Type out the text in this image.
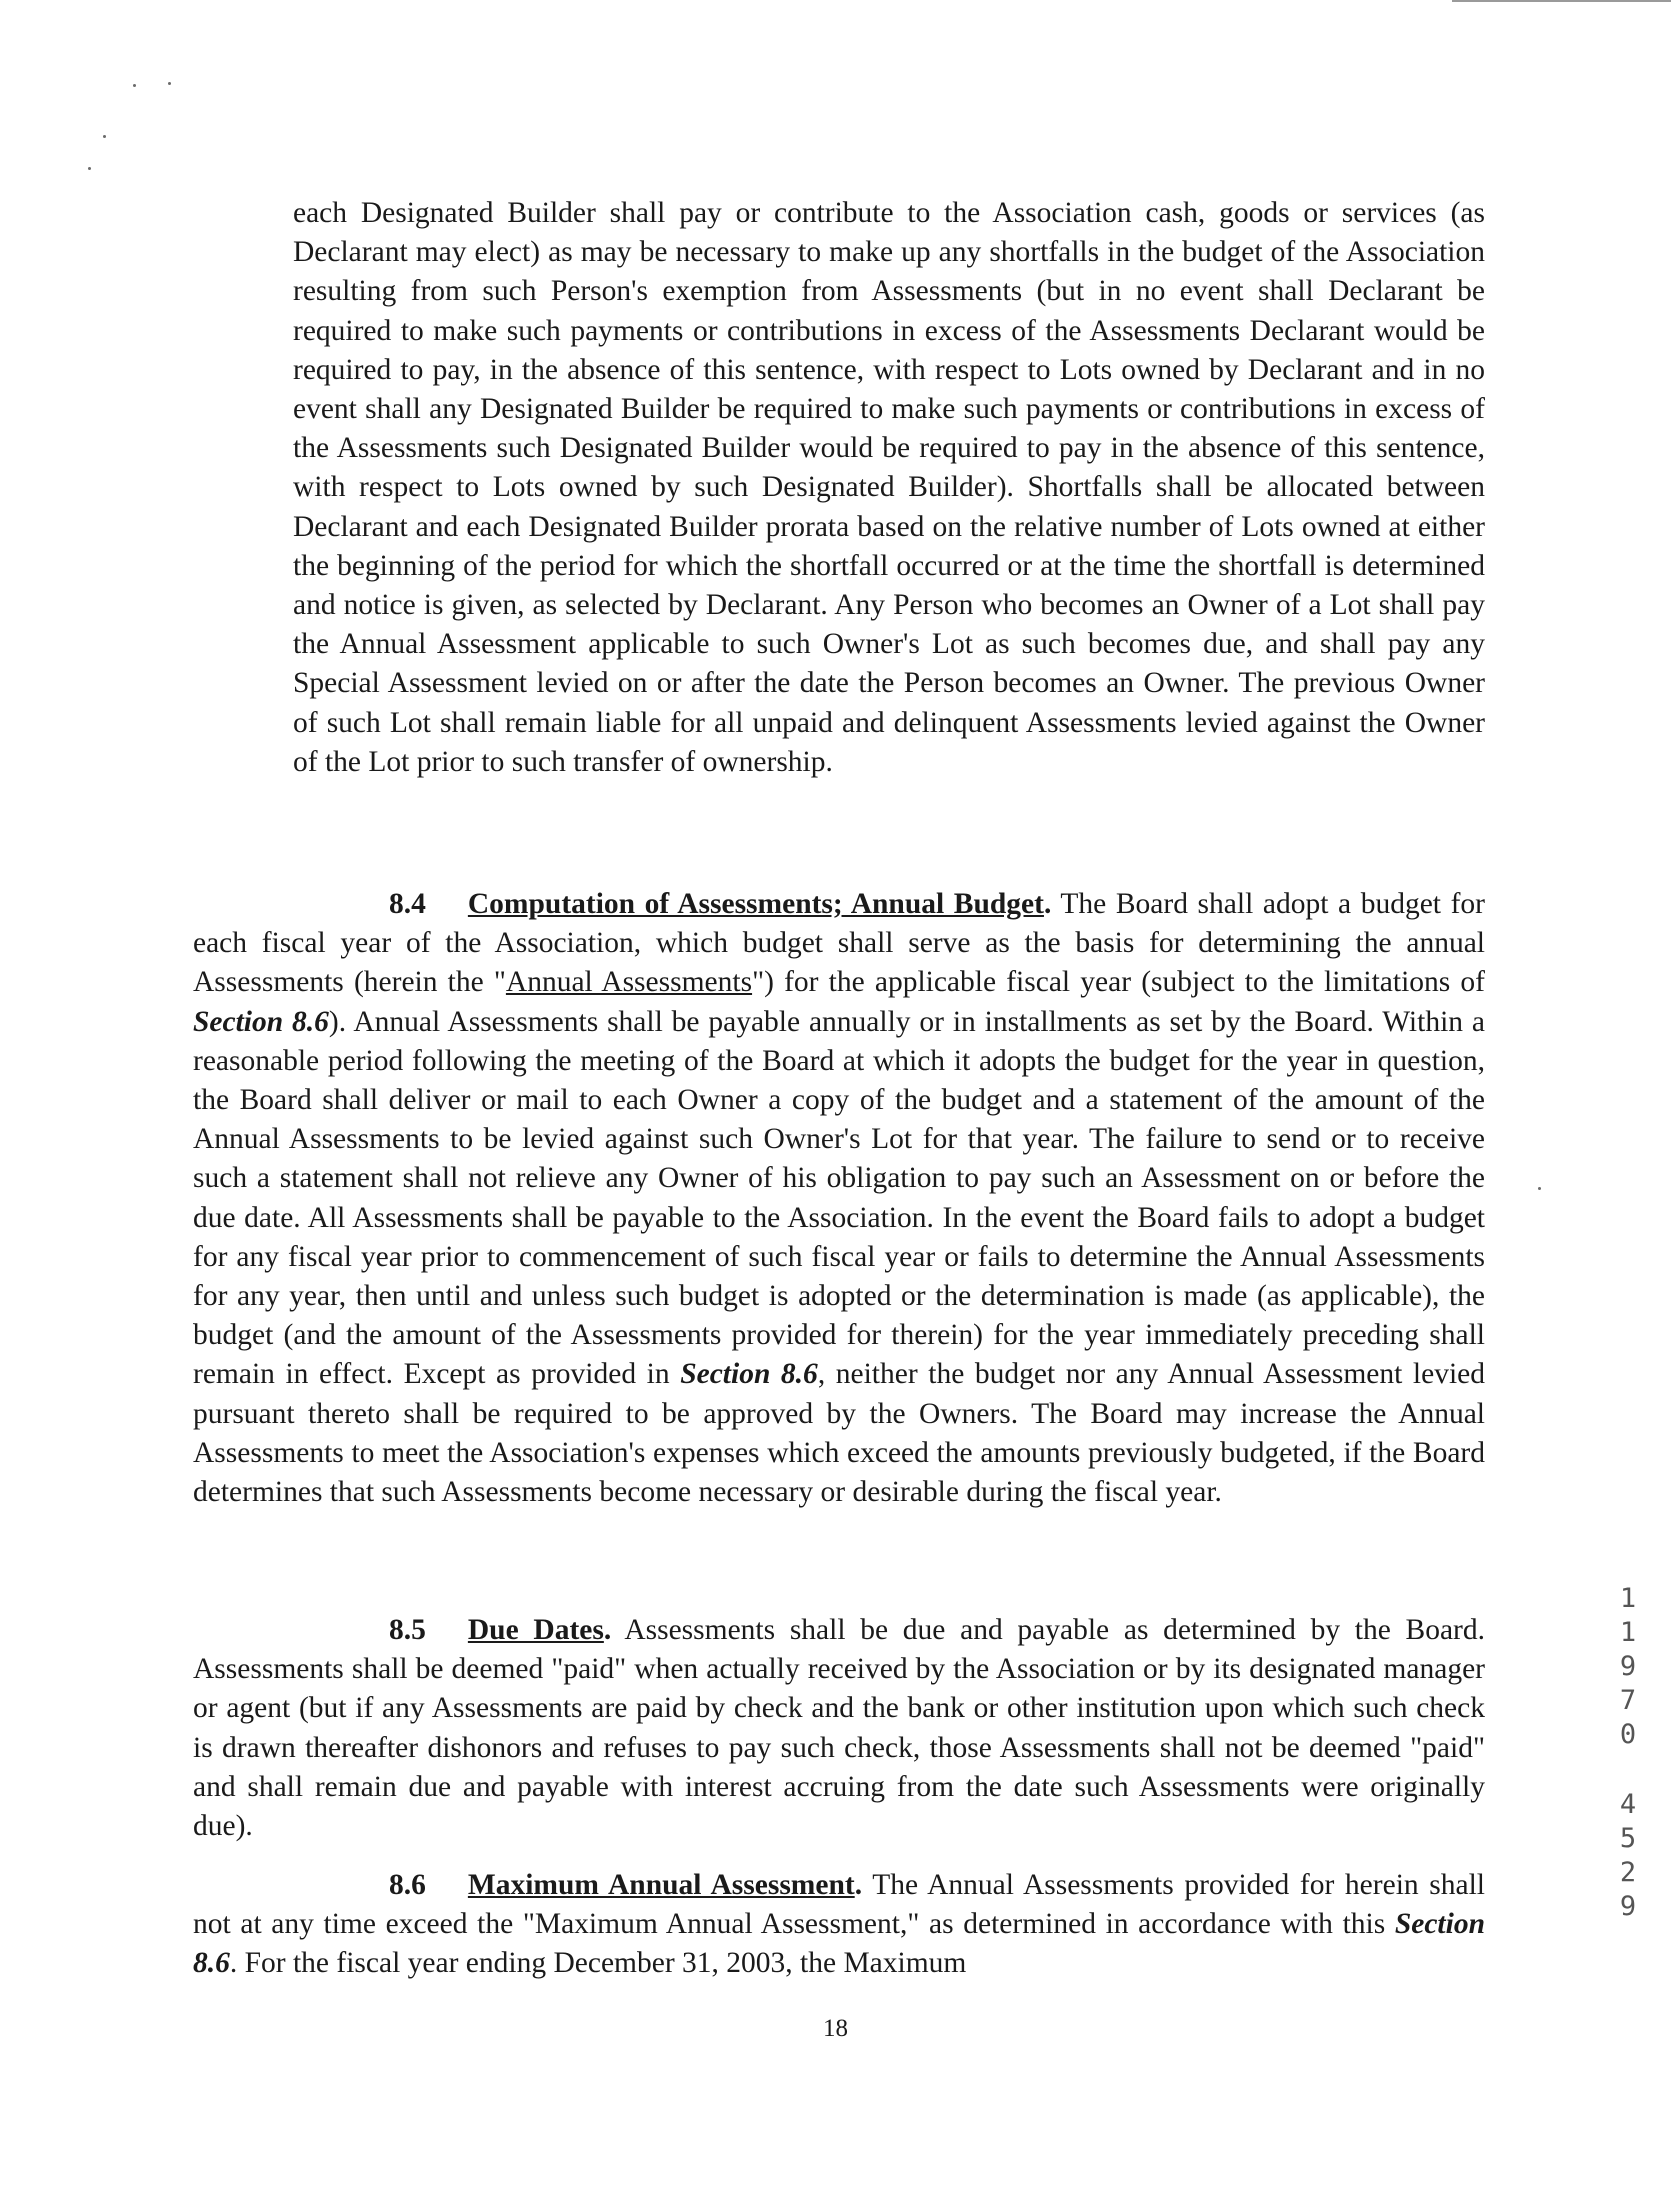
each Designated Builder shall pay or contribute to the Association cash, goods or services (as Declarant may elect) as may be necessary to make up any shortfalls in the budget of the Association resulting from such Person's exemption from Assessments (but in no event shall Declarant be required to make such payments or contributions in excess of the Assessments Declarant would be required to pay, in the absence of this sentence, with respect to Lots owned by Declarant and in no event shall any Designated Builder be required to make such payments or contributions in excess of the Assessments such Designated Builder would be required to pay in the absence of this sentence, with respect to Lots owned by such Designated Builder). Shortfalls shall be allocated between Declarant and each Designated Builder prorata based on the relative number of Lots owned at either the beginning of the period for which the shortfall occurred or at the time the shortfall is determined and notice is given, as selected by Declarant. Any Person who becomes an Owner of a Lot shall pay the Annual Assessment applicable to such Owner's Lot as such becomes due, and shall pay any Special Assessment levied on or after the date the Person becomes an Owner. The previous Owner of such Lot shall remain liable for all unpaid and delinquent Assessments levied against the Owner of the Lot prior to such transfer of ownership.

8.4 Computation of Assessments; Annual Budget. The Board shall adopt a budget for each fiscal year of the Association, which budget shall serve as the basis for determining the annual Assessments (herein the "Annual Assessments") for the applicable fiscal year (subject to the limitations of Section 8.6). Annual Assessments shall be payable annually or in installments as set by the Board. Within a reasonable period following the meeting of the Board at which it adopts the budget for the year in question, the Board shall deliver or mail to each Owner a copy of the budget and a statement of the amount of the Annual Assessments to be levied against such Owner's Lot for that year. The failure to send or to receive such a statement shall not relieve any Owner of his obligation to pay such an Assessment on or before the due date. All Assessments shall be payable to the Association. In the event the Board fails to adopt a budget for any fiscal year prior to commencement of such fiscal year or fails to determine the Annual Assessments for any year, then until and unless such budget is adopted or the determination is made (as applicable), the budget (and the amount of the Assessments provided for therein) for the year immediately preceding shall remain in effect. Except as provided in Section 8.6, neither the budget nor any Annual Assessment levied pursuant thereto shall be required to be approved by the Owners. The Board may increase the Annual Assessments to meet the Association's expenses which exceed the amounts previously budgeted, if the Board determines that such Assessments become necessary or desirable during the fiscal year.

8.5 Due Dates. Assessments shall be due and payable as determined by the Board. Assessments shall be deemed "paid" when actually received by the Association or by its designated manager or agent (but if any Assessments are paid by check and the bank or other institution upon which such check is drawn thereafter dishonors and refuses to pay such check, those Assessments shall not be deemed "paid" and shall remain due and payable with interest accruing from the date such Assessments were originally due).

8.6 Maximum Annual Assessment. The Annual Assessments provided for herein shall not at any time exceed the "Maximum Annual Assessment," as determined in accordance with this Section 8.6. For the fiscal year ending December 31, 2003, the Maximum

1
1
9
7
0
4
5
2
9
18
